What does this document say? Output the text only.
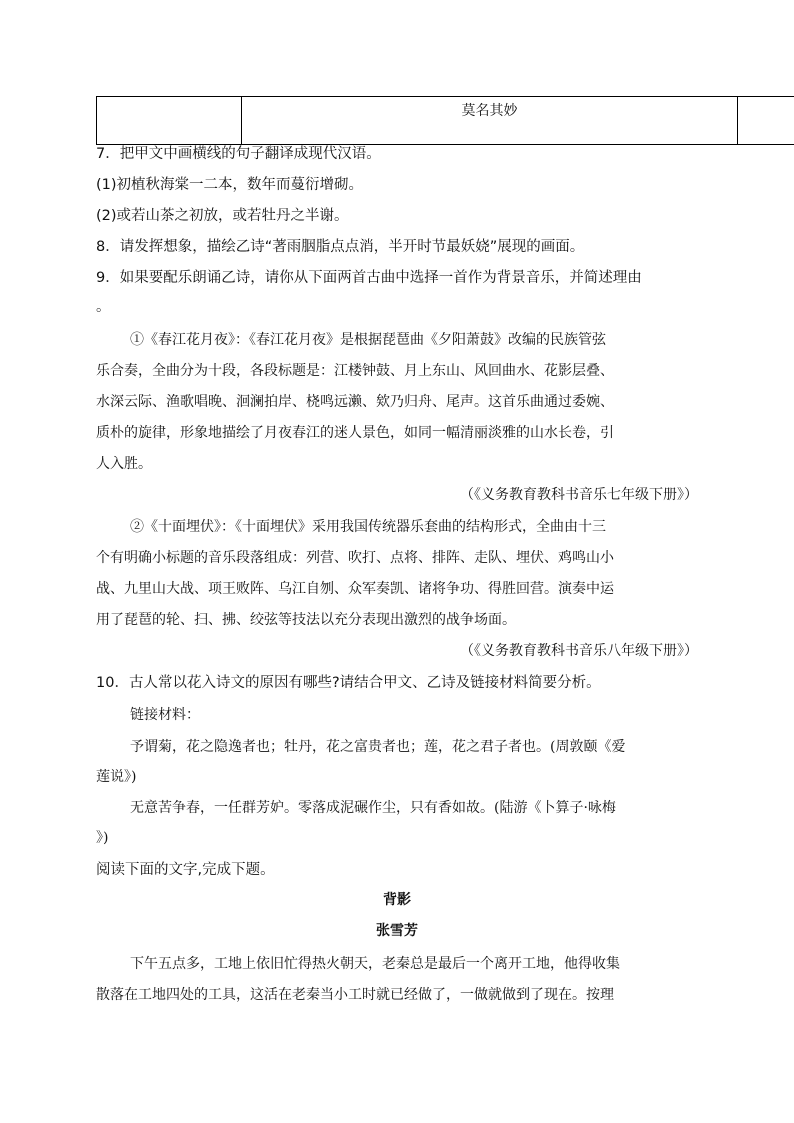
	莫名其妙	
7．把甲文中画横线的句子翻译成现代汉语。
(1)初植秋海棠一二本，数年而蔓衍增砌。
(2)或若山茶之初放，或若牡丹之半谢。
8．请发挥想象，描绘乙诗“著雨胭脂点点消，半开时节最妖娆”展现的画面。
9．如果要配乐朗诵乙诗，请你从下面两首古曲中选择一首作为背景音乐，并简述理由
。
①《春江花月夜》：《春江花月夜》是根据琵琶曲《夕阳萧鼓》改编的民族管弦
乐合奏，全曲分为十段，各段标题是：江楼钟鼓、月上东山、风回曲水、花影层叠、
水深云际、渔歌唱晚、洄澜拍岸、桡鸣远濑、欸乃归舟、尾声。这首乐曲通过委婉、
质朴的旋律，形象地描绘了月夜春江的迷人景色，如同一幅清丽淡雅的山水长卷，引
人入胜。
（《义务教育教科书音乐七年级下册》）
②《十面埋伏》：《十面埋伏》采用我国传统器乐套曲的结构形式，全曲由十三
个有明确小标题的音乐段落组成：列营、吹打、点将、排阵、走队、埋伏、鸡鸣山小
战、九里山大战、项王败阵、乌江自刎、众军奏凯、诸将争功、得胜回营。演奏中运
用了琵琶的轮、扫、拂、绞弦等技法以充分表现出激烈的战争场面。
（《义务教育教科书音乐八年级下册》）
10．古人常以花入诗文的原因有哪些?请结合甲文、乙诗及链接材料简要分析。
链接材料：
予谓菊，花之隐逸者也；牡丹，花之富贵者也；莲，花之君子者也。(周敦颐《爱
莲说》)
无意苦争春，一任群芳妒。零落成泥碾作尘，只有香如故。(陆游《卜算子·咏梅
》)
阅读下面的文字,完成下题。
背影
张雪芳
下午五点多，工地上依旧忙得热火朝天，老秦总是最后一个离开工地，他得收集
散落在工地四处的工具，这活在老秦当小工时就已经做了，一做就做到了现在。按理
